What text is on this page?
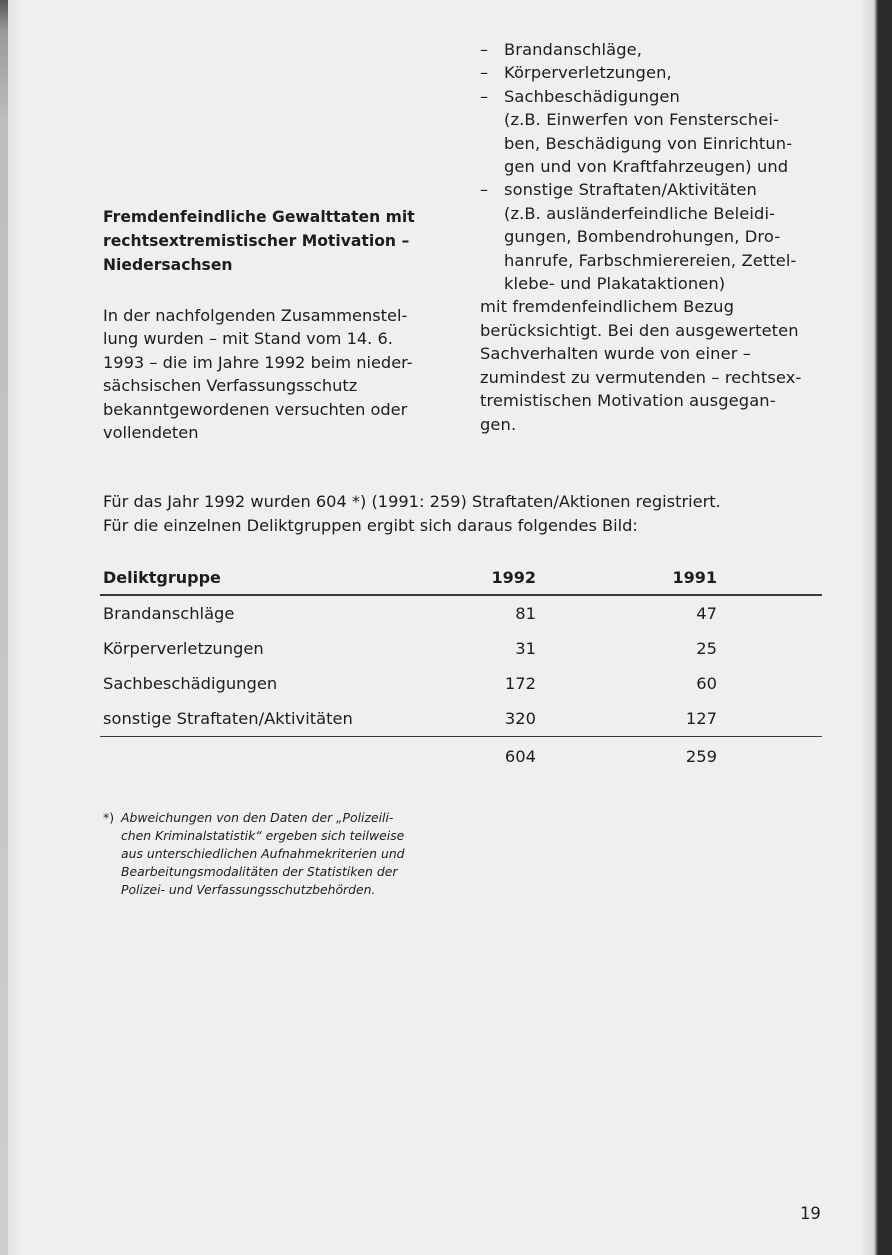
– Brandanschläge,
– Körperverletzungen,
– Sachbeschädigungen
(z.B. Einwerfen von Fensterschei-
ben, Beschädigung von Einrichtun-
gen und von Kraftfahrzeugen) und
– sonstige Straftaten/Aktivitäten
(z.B. ausländerfeindliche Beleidi-
gungen, Bombendrohungen, Dro-
hanrufe, Farbschmierereien, Zettel-
klebe- und Plakataktionen)
mit fremdenfeindlichem Bezug
berücksichtigt. Bei den ausgewerteten
Sachverhalten wurde von einer –
zumindest zu vermutenden – rechtsex-
tremistischen Motivation ausgegan-
gen.
Fremdenfeindliche Gewalttaten mit
rechtsextremistischer Motivation –
Niedersachsen
In der nachfolgenden Zusammenstel-
lung wurden – mit Stand vom 14. 6.
1993 – die im Jahre 1992 beim nieder-
sächsischen Verfassungsschutz
bekanntgewordenen versuchten oder
vollendeten
Für das Jahr 1992 wurden 604 *) (1991: 259) Straftaten/Aktionen registriert.
Für die einzelnen Deliktgruppen ergibt sich daraus folgendes Bild:
Deliktgruppe	1992		1991	
Brandanschläge	81		47	
Körperverletzungen	31		25	
Sachbeschädigungen	172		60	
sonstige Straftaten/Aktivitäten	320		127	
	604		259	
*) Abweichungen von den Daten der „Polizeili-
chen Kriminalstatistik“ ergeben sich teilweise
aus unterschiedlichen Aufnahmekriterien und
Bearbeitungsmodalitäten der Statistiken der
Polizei- und Verfassungsschutzbehörden.
19
